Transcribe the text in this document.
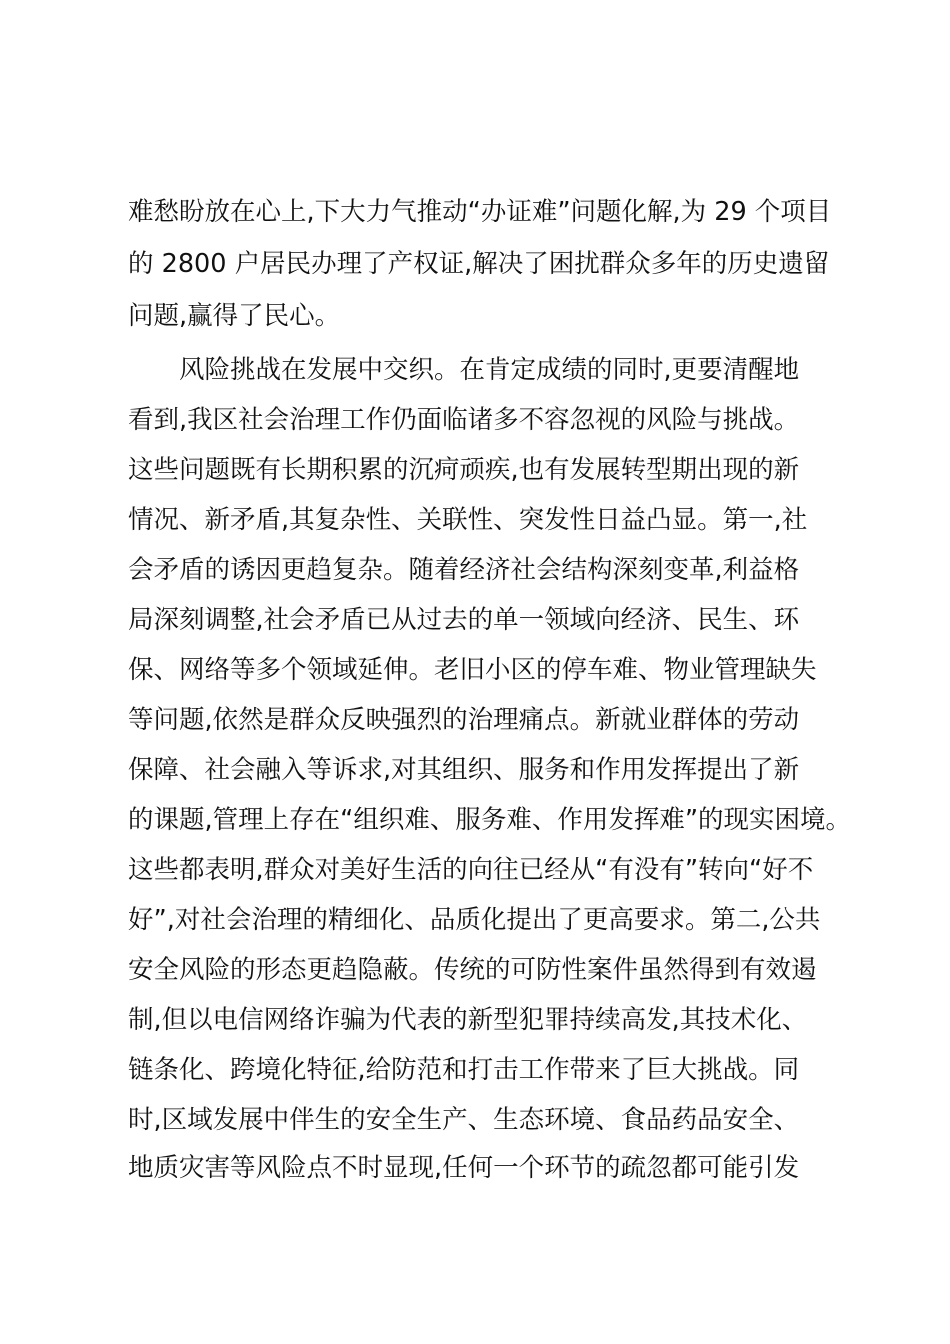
难愁盼放在心上,下大力气推动“办证难”问题化解,为 29 个项目
的 2800 户居民办理了产权证,解决了困扰群众多年的历史遗留
问题,赢得了民心。
　　风险挑战在发展中交织。在肯定成绩的同时,更要清醒地
看到,我区社会治理工作仍面临诸多不容忽视的风险与挑战。
这些问题既有长期积累的沉疴顽疾,也有发展转型期出现的新
情况、新矛盾,其复杂性、关联性、突发性日益凸显。第一,社
会矛盾的诱因更趋复杂。随着经济社会结构深刻变革,利益格
局深刻调整,社会矛盾已从过去的单一领域向经济、民生、环
保、网络等多个领域延伸。老旧小区的停车难、物业管理缺失
等问题,依然是群众反映强烈的治理痛点。新就业群体的劳动
保障、社会融入等诉求,对其组织、服务和作用发挥提出了新
的课题,管理上存在“组织难、服务难、作用发挥难”的现实困境。
这些都表明,群众对美好生活的向往已经从“有没有”转向“好不
好”,对社会治理的精细化、品质化提出了更高要求。第二,公共
安全风险的形态更趋隐蔽。传统的可防性案件虽然得到有效遏
制,但以电信网络诈骗为代表的新型犯罪持续高发,其技术化、
链条化、跨境化特征,给防范和打击工作带来了巨大挑战。同
时,区域发展中伴生的安全生产、生态环境、食品药品安全、
地质灾害等风险点不时显现,任何一个环节的疏忽都可能引发
